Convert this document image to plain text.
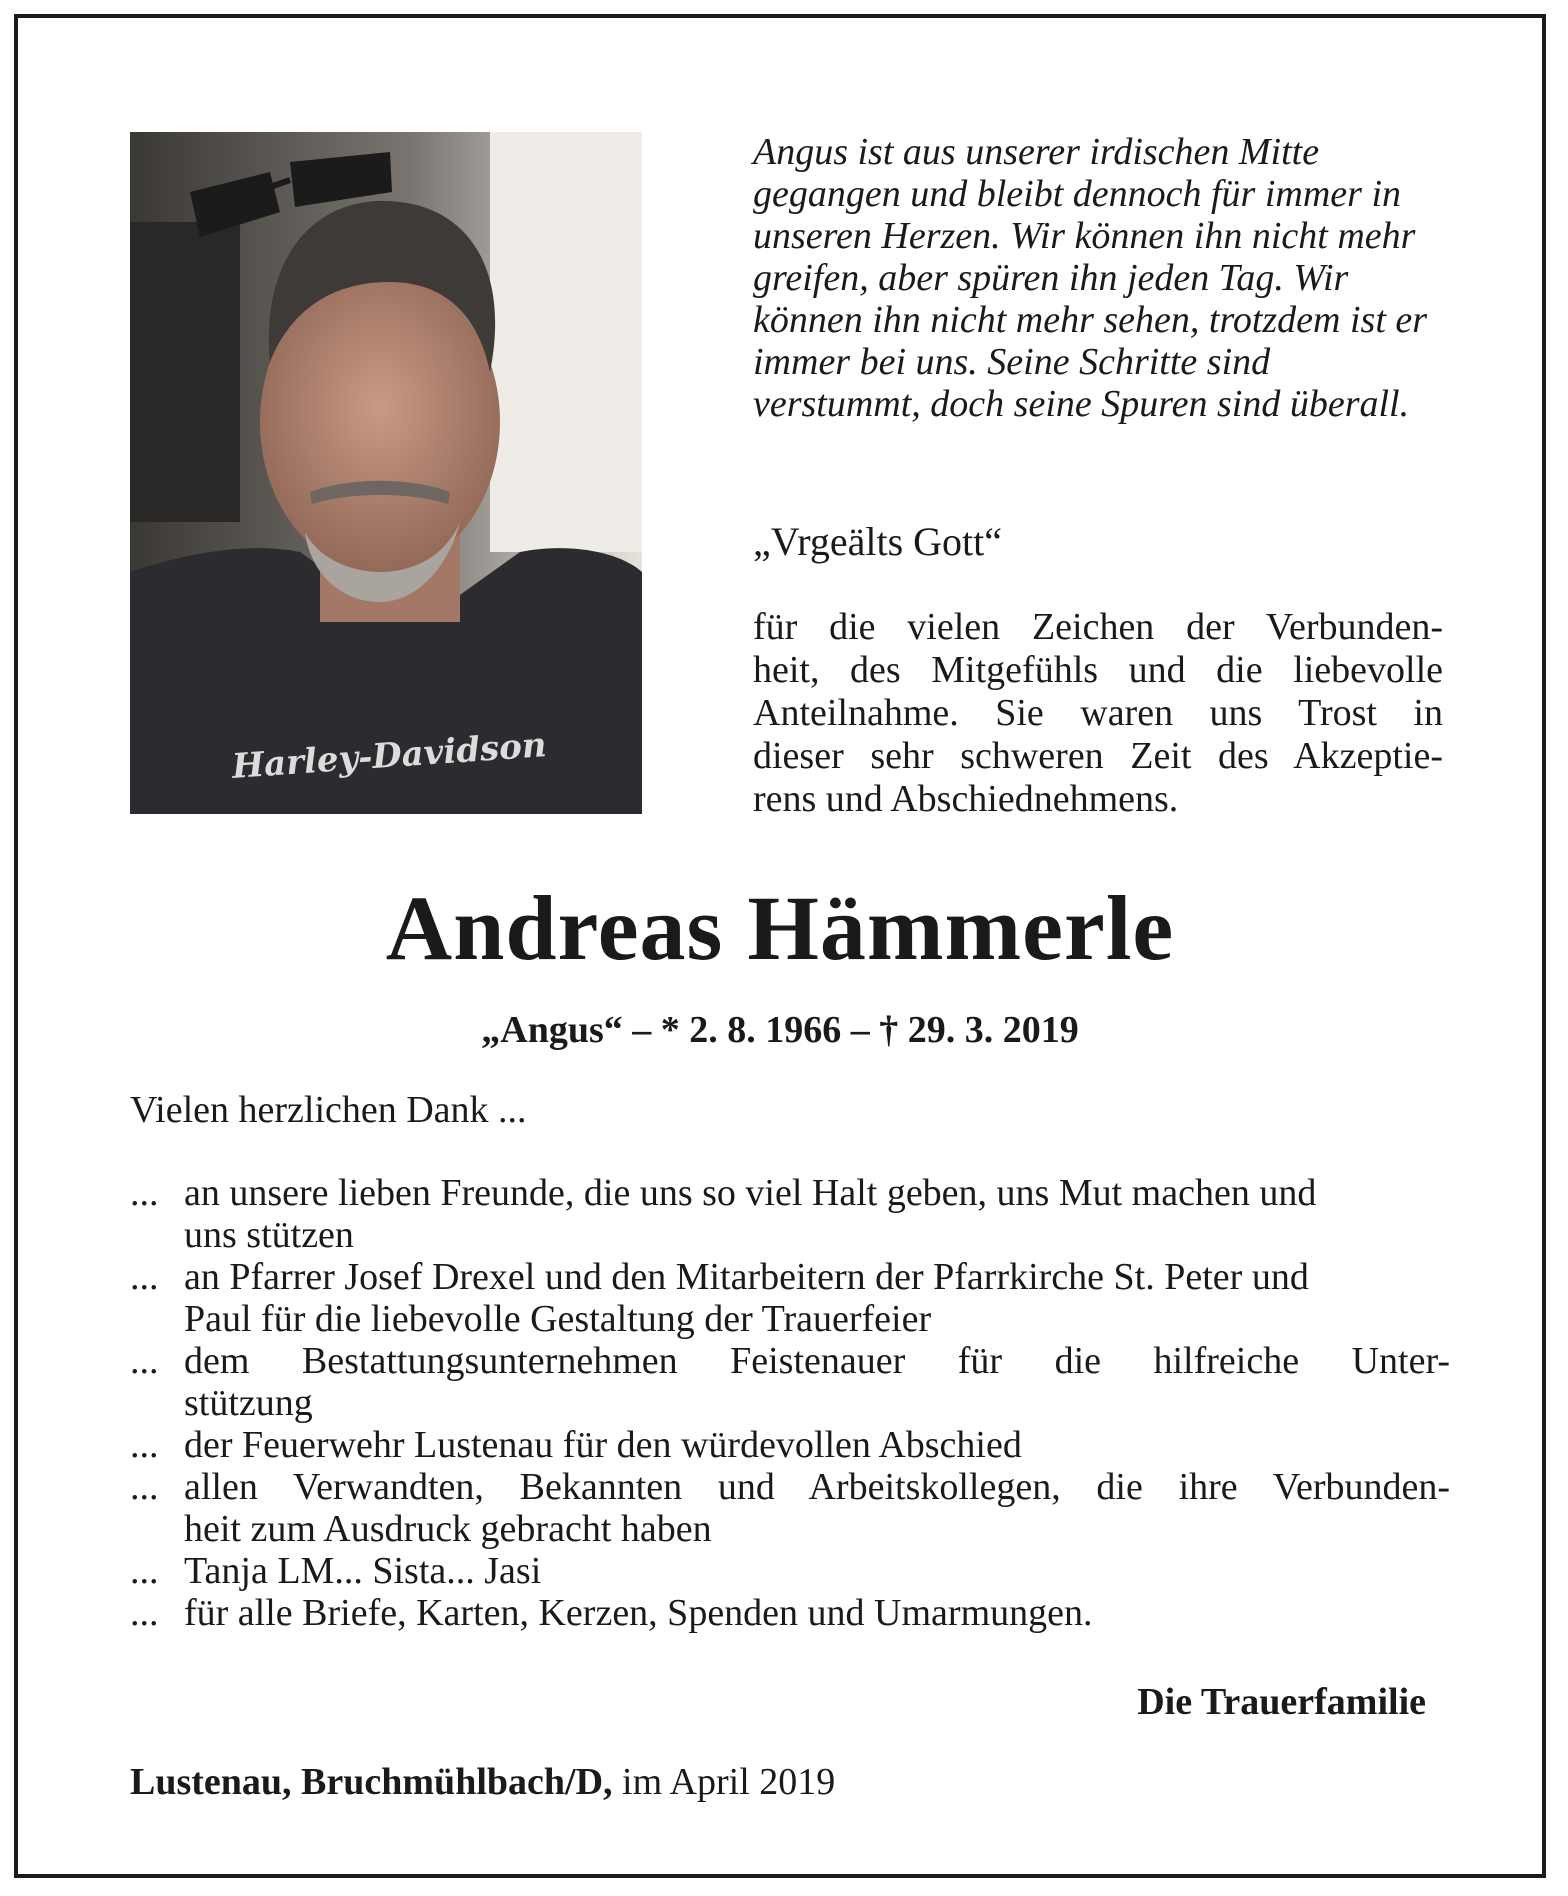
Harley-Davidson

Angus ist aus unserer irdischen Mitte
gegangen und bleibt dennoch für immer in
unseren Herzen. Wir können ihn nicht mehr
greifen, aber spüren ihn jeden Tag. Wir
können ihn nicht mehr sehen, trotzdem ist er
immer bei uns. Seine Schritte sind
verstummt, doch seine Spuren sind überall.

„Vrgeälts Gott“

für die vielen Zeichen der Verbunden-
heit, des Mitgefühls und die liebevolle
Anteilnahme. Sie waren uns Trost in
dieser sehr schweren Zeit des Akzeptie-
rens und Abschiednehmens.

Andreas Hämmerle
„Angus“ – * 2. 8. 1966 – † 29. 3. 2019
Vielen herzlichen Dank ...
... an unsere lieben Freunde, die uns so viel Halt geben, uns Mut machen und
uns stützen
... an Pfarrer Josef Drexel und den Mitarbeitern der Pfarrkirche St. Peter und
Paul für die liebevolle Gestaltung der Trauerfeier
... dem Bestattungsunternehmen Feistenauer für die hilfreiche Unter-
stützung
... der Feuerwehr Lustenau für den würdevollen Abschied
... allen Verwandten, Bekannten und Arbeitskollegen, die ihre Verbunden-
heit zum Ausdruck gebracht haben
... Tanja LM... Sista... Jasi
... für alle Briefe, Karten, Kerzen, Spenden und Umarmungen.
Die Trauerfamilie
Lustenau, Bruchmühlbach/D, im April 2019
